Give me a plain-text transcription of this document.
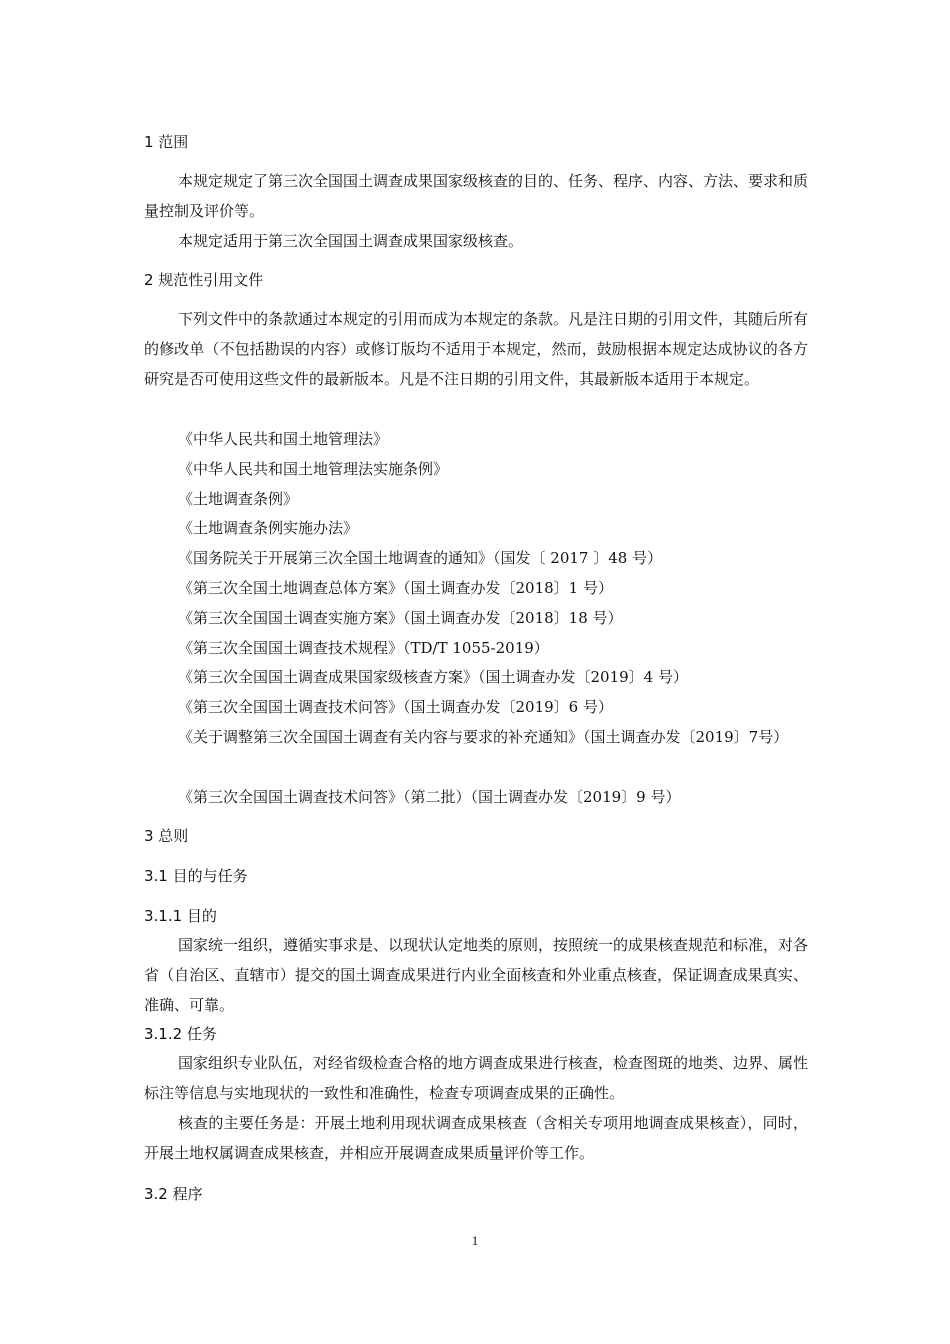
1 范围
本规定规定了第三次全国国土调查成果国家级核查的目的、任务、程序、内容、方法、要求和质量控制及评价等。
本规定适用于第三次全国国土调查成果国家级核查。
2 规范性引用文件
下列文件中的条款通过本规定的引用而成为本规定的条款。凡是注日期的引用文件，其随后所有的修改单（不包括勘误的内容）或修订版均不适用于本规定，然而，鼓励根据本规定达成协议的各方研究是否可使用这些文件的最新版本。凡是不注日期的引用文件，其最新版本适用于本规定。
《中华人民共和国土地管理法》
《中华人民共和国土地管理法实施条例》
《土地调查条例》
《土地调查条例实施办法》
《国务院关于开展第三次全国土地调查的通知》（国发〔 2017 〕48 号）
《第三次全国土地调查总体方案》（国土调查办发〔2018〕1 号）
《第三次全国国土调查实施方案》（国土调查办发〔2018〕18 号）
《第三次全国国土调查技术规程》（TD/T 1055-2019）
《第三次全国国土调查成果国家级核查方案》（国土调查办发〔2019〕4 号）
《第三次全国国土调查技术问答》（国土调查办发〔2019〕6 号）
《关于调整第三次全国国土调查有关内容与要求的补充通知》（国土调查办发〔2019〕7号）
《第三次全国国土调查技术问答》（第二批）（国土调查办发〔2019〕9 号）
3 总则
3.1 目的与任务
3.1.1 目的
国家统一组织，遵循实事求是、以现状认定地类的原则，按照统一的成果核查规范和标准，对各省（自治区、直辖市）提交的国土调查成果进行内业全面核查和外业重点核查，保证调查成果真实、准确、可靠。
3.1.2 任务
国家组织专业队伍，对经省级检查合格的地方调查成果进行核查，检查图斑的地类、边界、属性标注等信息与实地现状的一致性和准确性，检查专项调查成果的正确性。
核查的主要任务是：开展土地利用现状调查成果核查（含相关专项用地调查成果核查），同时，开展土地权属调查成果核查，并相应开展调查成果质量评价等工作。
3.2 程序
1
